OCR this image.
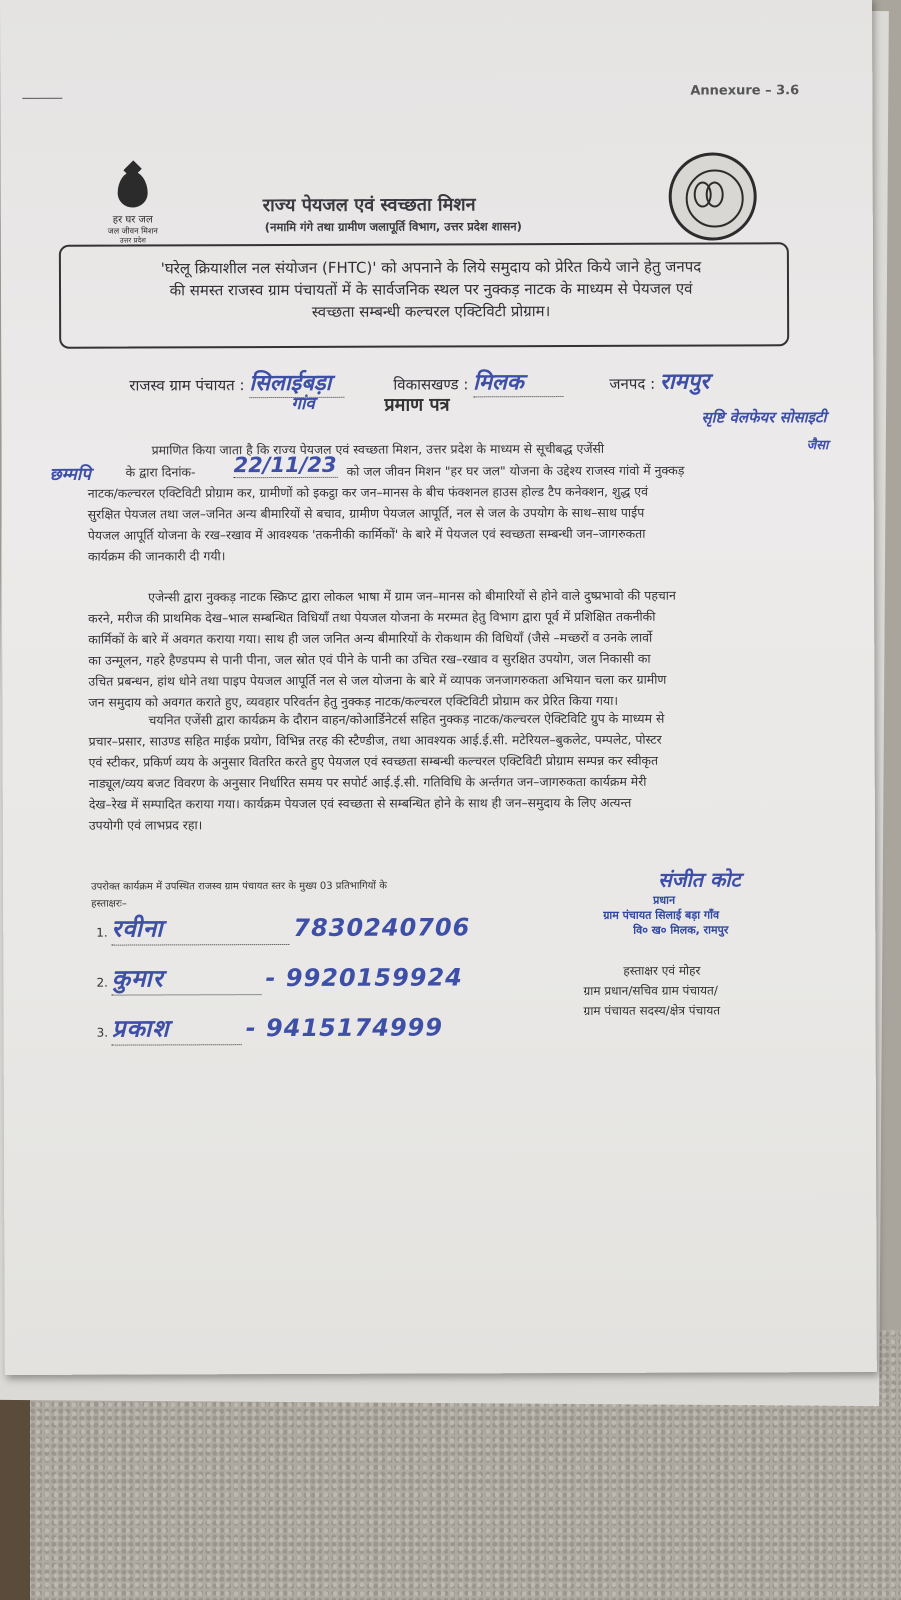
Annexure – 3.6
हर घर जल
जल जीवन मिशन
उत्तर प्रदेश
राज्य पेयजल एवं स्वच्छता मिशन
(नमामि गंगे तथा ग्रामीण जलापूर्ति विभाग, उत्तर प्रदेश शासन)
'घरेलू क्रियाशील नल संयोजन (FHTC)' को अपनाने के लिये समुदाय को प्रेरित किये जाने हेतु जनपद
की समस्त राजस्व ग्राम पंचायतों में के सार्वजनिक स्थल पर नुक्कड़ नाटक के माध्यम से पेयजल एवं
स्वच्छता सम्बन्धी कल्चरल एक्टिविटी प्रोग्राम।
राजस्व ग्राम पंचायत : सिलाईबड़ा
गांव
विकासखण्ड : मिलक	जनपद : रामपुर
प्रमाण पत्र
सृष्टि वेलफेयर सोसाइटी
जैसा
प्रमाणित किया जाता है कि राज्य पेयजल एवं स्वच्छता मिशन, उत्तर प्रदेश के माध्यम से सूचीबद्ध एजेंसी
छम्मपि	के द्वारा दिनांक- 22/11/23 को जल जीवन मिशन "हर घर जल" योजना के उद्देश्य राजस्व गांवो में नुक्कड़
नाटक/कल्चरल एक्टिविटी प्रोग्राम कर, ग्रामीणों को इकट्ठा कर जन–मानस के बीच फंक्शनल हाउस होल्ड टैप कनेक्शन, शुद्ध एवं
सुरक्षित पेयजल तथा जल–जनित अन्य बीमारियों से बचाव, ग्रामीण पेयजल आपूर्ति, नल से जल के उपयोग के साथ–साथ पाईप
पेयजल आपूर्ति योजना के रख–रखाव में आवश्यक 'तकनीकी कार्मिकों' के बारे में पेयजल एवं स्वच्छता सम्बन्धी जन–जागरुकता
कार्यक्रम की जानकारी दी गयी।
एजेन्सी द्वारा नुक्कड़ नाटक स्क्रिप्ट द्वारा लोकल भाषा में ग्राम जन–मानस को बीमारियों से होने वाले दुष्प्रभावो की पहचान
करने, मरीज की प्राथमिक देख–भाल सम्बन्धित विधियाँ तथा पेयजल योजना के मरम्मत हेतु विभाग द्वारा पूर्व में प्रशिक्षित तकनीकी
कार्मिकों के बारे में अवगत कराया गया। साथ ही जल जनित अन्य बीमारियों के रोकथाम की विधियाँ (जैसे –मच्छरों व उनके लार्वो
का उन्मूलन, गहरे हैण्डपम्प से पानी पीना, जल स्रोत एवं पीने के पानी का उचित रख–रखाव व सुरक्षित उपयोग, जल निकासी का
उचित प्रबन्धन, हांथ धोने तथा पाइप पेयजल आपूर्ति नल से जल योजना के बारे में व्यापक जनजागरुकता अभियान चला कर ग्रामीण
जन समुदाय को अवगत कराते हुए, व्यवहार परिवर्तन हेतु नुक्कड़ नाटक/कल्चरल एक्टिविटी प्रोग्राम कर प्रेरित किया गया।
चयनित एजेंसी द्वारा कार्यक्रम के दौरान वाहन/कोआर्डिनेटर्स सहित नुक्कड़ नाटक/कल्चरल ऐक्टिविटि ग्रुप के माध्यम से
प्रचार–प्रसार, साउण्ड सहित माईक प्रयोग, विभिन्न तरह की स्टैण्डीज, तथा आवश्यक आई.ई.सी. मटेरियल–बुकलेट, पम्पलेट, पोस्टर
एवं स्टीकर, प्रकिर्ण व्यय के अनुसार वितरित करते हुए पेयजल एवं स्वच्छता सम्बन्धी कल्चरल एक्टिविटी प्रोग्राम सम्पन्न कर स्वीकृत
नाड्यूल/व्यय बजट विवरण के अनुसार निर्धारित समय पर सपोर्ट आई.ई.सी. गतिविधि के अर्न्तगत जन–जागरुकता कार्यक्रम मेरी
देख–रेख में सम्पादित कराया गया। कार्यक्रम पेयजल एवं स्वच्छता से सम्बन्धित होने के साथ ही जन–समुदाय के लिए अत्यन्त
उपयोगी एवं लाभप्रद रहा।
उपरोक्त कार्यक्रम में उपस्थित राजस्व ग्राम पंचायत स्तर के मुख्य 03 प्रतिभागियों के
हस्ताक्षरः–
1. रवीना	7830240706
2. कुमार	- 9920159924
3. प्रकाश	- 9415174999
संजीत कोट
प्रधान
ग्राम पंचायत सिलाई बड़ा गाँव
वि० ख० मिलक, रामपुर
हस्ताक्षर एवं मोहर
ग्राम प्रधान/सचिव ग्राम पंचायत/
ग्राम पंचायत सदस्य/क्षेत्र पंचायत
